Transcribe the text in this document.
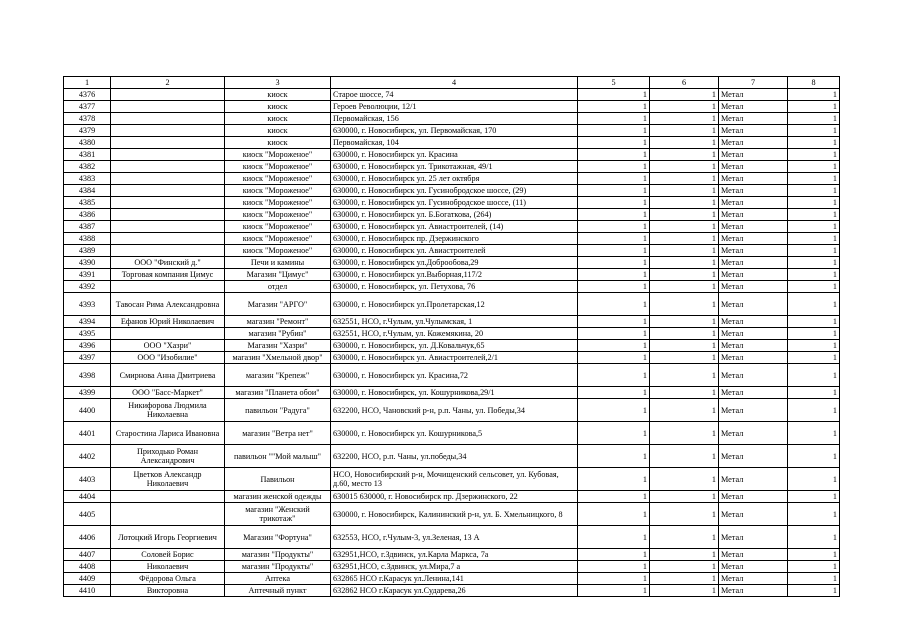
1	2	3	4	5	6	7	8
4376		киоск	Старое шоссе, 74	1	1	Метал	1
4377		киоск	Героев Революции, 12/1	1	1	Метал	1
4378		киоск	Первомайская, 156	1	1	Метал	1
4379		киоск	630000, г. Новосибирск, ул. Первомайская, 170	1	1	Метал	1
4380		киоск	Первомайская, 104	1	1	Метал	1
4381		киоск "Мороженое"	630000, г. Новосибирск ул. Красина	1	1	Метал	1
4382		киоск "Мороженое"	630000, г. Новосибирск ул. Трикотажная, 49/1	1	1	Метал	1
4383		киоск "Мороженое"	630000, г. Новосибирск ул. 25 лет октября	1	1	Метал	1
4384		киоск "Мороженое"	630000, г. Новосибирск ул. Гусинобродское шоссе, (29)	1	1	Метал	1
4385		киоск "Мороженое"	630000, г. Новосибирск ул. Гусинобродское шоссе, (11)	1	1	Метал	1
4386		киоск "Мороженое"	630000, г. Новосибирск ул. Б.Богаткова, (264)	1	1	Метал	1
4387		киоск "Мороженое"	630000, г. Новосибирск ул. Авиастроителей, (14)	1	1	Метал	1
4388		киоск "Мороженое"	630000, г. Новосибирск пр. Дзержинского	1	1	Метал	1
4389		киоск "Мороженое"	630000, г. Новосибирск ул. Авиастроителей	1	1	Метал	1
4390	ООО "Финский д."	Печи и камины	630000, г. Новосибирск ул.Доброобова,29	1	1	Метал	1
4391	Торговая компания Цимус	Магазин "Цимус"	630000, г. Новосибирск ул.Выборная,117/2	1	1	Метал	1
4392		отдел	630000, г. Новосибирск, ул. Петухова, 76	1	1	Метал	1
4393	Тавосан Рима Александровна	Магазин "АРГО"	630000, г. Новосибирск ул.Пролетарская,12	1	1	Метал	1
4394	Ефанов Юрий Николаевич	магазин "Ремонт"	632551, НСО, г.Чулым, ул.Чулымская, 1	1	1	Метал	1
4395		магазин "Рубин"	632551, НСО, г.Чулым, ул. Кожемякина, 20	1	1	Метал	1
4396	ООО "Хазри"	Магазин "Хазри"	630000, г. Новосибирск, ул. Д.Ковальчук,65	1	1	Метал	1
4397	ООО "Изобилие"	магазин "Хмельной двор"	630000, г. Новосибирск ул. Авиастроителей,2/1	1	1	Метал	1
4398	Смирнова Анна Дмитриева	магазин "Крепеж"	630000, г. Новосибирск ул. Красина,72	1	1	Метал	1
4399	ООО "Басс-Маркет"	магазин "Планета обои"	630000, г. Новосибирск, ул. Кошурникова,29/1	1	1	Метал	1
4400	Никифорова Людмила Николаевна	павильон "Радуга"	632200, НСО, Чановский р-н, р.п. Чаны, ул. Победы,34	1	1	Метал	1
4401	Старостина Лариса Ивановна	магазин "Ветра нет"	630000, г. Новосибирск ул. Кошурникова,5	1	1	Метал	1
4402	Приходько Роман Александрович	павильон ""Мой малыш"	632200, НСО, р.п. Чаны, ул.победы,34	1	1	Метал	1
4403	Цветков Александр Николаевич	Павильон	НСО, Новосибирский р-н, Мочищенский сельсовет, ул. Кубовая, д.60, место 13	1	1	Метал	1
4404		магазин женской одежды	630015 630000, г. Новосибирск пр. Дзержинского, 22	1	1	Метал	1
4405		магазин "Женский трикотаж"	630000, г. Новосибирск, Калининский р-н, ул. Б. Хмельницкого, 8	1	1	Метал	1
4406	Лотоцкий Игорь Георгиевич	Магазин "Фортуна"	632553, НСО, г.Чулым-3, ул.Зеленая, 13 А	1	1	Метал	1
4407	Соловей Борис	магазин "Продукты"	632951,НСО, г.Здвинск, ул.Карла Маркса, 7а	1	1	Метал	1
4408	Николаевич	магазин "Продукты"	632951,НСО, с.Здвинск, ул.Мира,7 а	1	1	Метал	1
4409	Фёдорова Ольга	Аптека	632865 НСО г.Карасук ул.Ленина,141	1	1	Метал	1
4410	Викторовна	Аптечный пункт	632862 НСО г.Карасук ул.Сударева,26	1	1	Метал	1
